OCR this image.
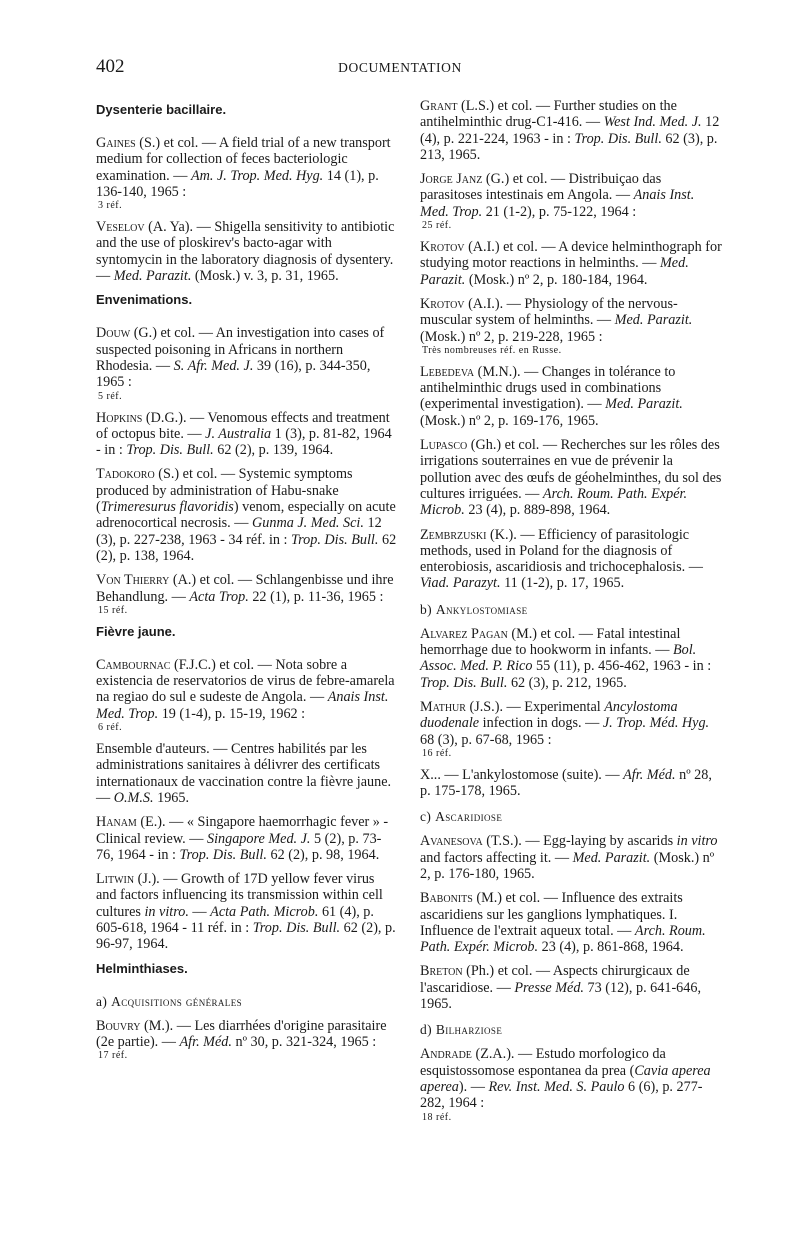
402	DOCUMENTATION
Dysenterie bacillaire.
Gaines (S.) et col. — A field trial of a new transport medium for collection of feces bacteriologic examination. — Am. J. Trop. Med. Hyg. 14 (1), p. 136-140, 1965 :
3 réf.
Veselov (A. Ya). — Shigella sensitivity to antibiotic and the use of ploskirev's bacto-agar with syntomycin in the laboratory diagnosis of dysentery. — Med. Parazit. (Mosk.) v. 3, p. 31, 1965.
Envenimations.
Douw (G.) et col. — An investigation into cases of suspected poisoning in Africans in northern Rhodesia. — S. Afr. Med. J. 39 (16), p. 344-350, 1965 :
5 réf.
Hopkins (D.G.). — Venomous effects and treatment of octopus bite. — J. Australia 1 (3), p. 81-82, 1964 - in : Trop. Dis. Bull. 62 (2), p. 139, 1964.
Tadokoro (S.) et col. — Systemic symptoms produced by administration of Habu-snake (Trimeresurus flavoridis) venom, especially on acute adrenocortical necrosis. — Gunma J. Med. Sci. 12 (3), p. 227-238, 1963 - 34 réf. in : Trop. Dis. Bull. 62 (2), p. 138, 1964.
Von Thierry (A.) et col. — Schlangenbisse und ihre Behandlung. — Acta Trop. 22 (1), p. 11-36, 1965 :
15 réf.
Fièvre jaune.
Cambournac (F.J.C.) et col. — Nota sobre a existencia de reservatorios de virus de febre-amarela na regiao do sul e sudeste de Angola. — Anais Inst. Med. Trop. 19 (1-4), p. 15-19, 1962 :
6 réf.
Ensemble d'auteurs. — Centres habilités par les administrations sanitaires à délivrer des certificats internationaux de vaccination contre la fièvre jaune. — O.M.S. 1965.
Hanam (E.). — « Singapore haemorrhagic fever » - Clinical review. — Singapore Med. J. 5 (2), p. 73-76, 1964 - in : Trop. Dis. Bull. 62 (2), p. 98, 1964.
Litwin (J.). — Growth of 17D yellow fever virus and factors influencing its transmission within cell cultures in vitro. — Acta Path. Microb. 61 (4), p. 605-618, 1964 - 11 réf. in : Trop. Dis. Bull. 62 (2), p. 96-97, 1964.
Helminthiases.
a) Acquisitions générales
Bouvry (M.). — Les diarrhées d'origine parasitaire (2e partie). — Afr. Méd. nº 30, p. 321-324, 1965 :
17 réf.
Grant (L.S.) et col. — Further studies on the antihelminthic drug-C1-416. — West Ind. Med. J. 12 (4), p. 221-224, 1963 - in : Trop. Dis. Bull. 62 (3), p. 213, 1965.
Jorge Janz (G.) et col. — Distribuiçao das parasitoses intestinais em Angola. — Anais Inst. Med. Trop. 21 (1-2), p. 75-122, 1964 :
25 réf.
Krotov (A.I.) et col. — A device helminthograph for studying motor reactions in helminths. — Med. Parazit. (Mosk.) nº 2, p. 180-184, 1964.
Krotov (A.I.). — Physiology of the nervous-muscular system of helminths. — Med. Parazit. (Mosk.) nº 2, p. 219-228, 1965 :
Très nombreuses réf. en Russe.
Lebedeva (M.N.). — Changes in tolérance to antihelminthic drugs used in combinations (experimental investigation). — Med. Parazit. (Mosk.) nº 2, p. 169-176, 1965.
Lupasco (Gh.) et col. — Recherches sur les rôles des irrigations souterraines en vue de prévenir la pollution avec des œufs de géohelminthes, du sol des cultures irriguées. — Arch. Roum. Path. Expér. Microb. 23 (4), p. 889-898, 1964.
Zembrzuski (K.). — Efficiency of parasitologic methods, used in Poland for the diagnosis of enterobiosis, ascaridiosis and trichocephalosis. — Viad. Parazyt. 11 (1-2), p. 17, 1965.
b) Ankylostomiase
Alvarez Pagan (M.) et col. — Fatal intestinal hemorrhage due to hookworm in infants. — Bol. Assoc. Med. P. Rico 55 (11), p. 456-462, 1963 - in : Trop. Dis. Bull. 62 (3), p. 212, 1965.
Mathur (J.S.). — Experimental Ancylostoma duodenale infection in dogs. — J. Trop. Méd. Hyg. 68 (3), p. 67-68, 1965 :
16 réf.
X... — L'ankylostomose (suite). — Afr. Méd. nº 28, p. 175-178, 1965.
c) Ascaridiose
Avanesova (T.S.). — Egg-laying by ascarids in vitro and factors affecting it. — Med. Parazit. (Mosk.) nº 2, p. 176-180, 1965.
Babonits (M.) et col. — Influence des extraits ascaridiens sur les ganglions lymphatiques. I. Influence de l'extrait aqueux total. — Arch. Roum. Path. Expér. Microb. 23 (4), p. 861-868, 1964.
Breton (Ph.) et col. — Aspects chirurgicaux de l'ascaridiose. — Presse Méd. 73 (12), p. 641-646, 1965.
d) Bilharziose
Andrade (Z.A.). — Estudo morfologico da esquistossomose espontanea da prea (Cavia aperea aperea). — Rev. Inst. Med. S. Paulo 6 (6), p. 277-282, 1964 :
18 réf.
